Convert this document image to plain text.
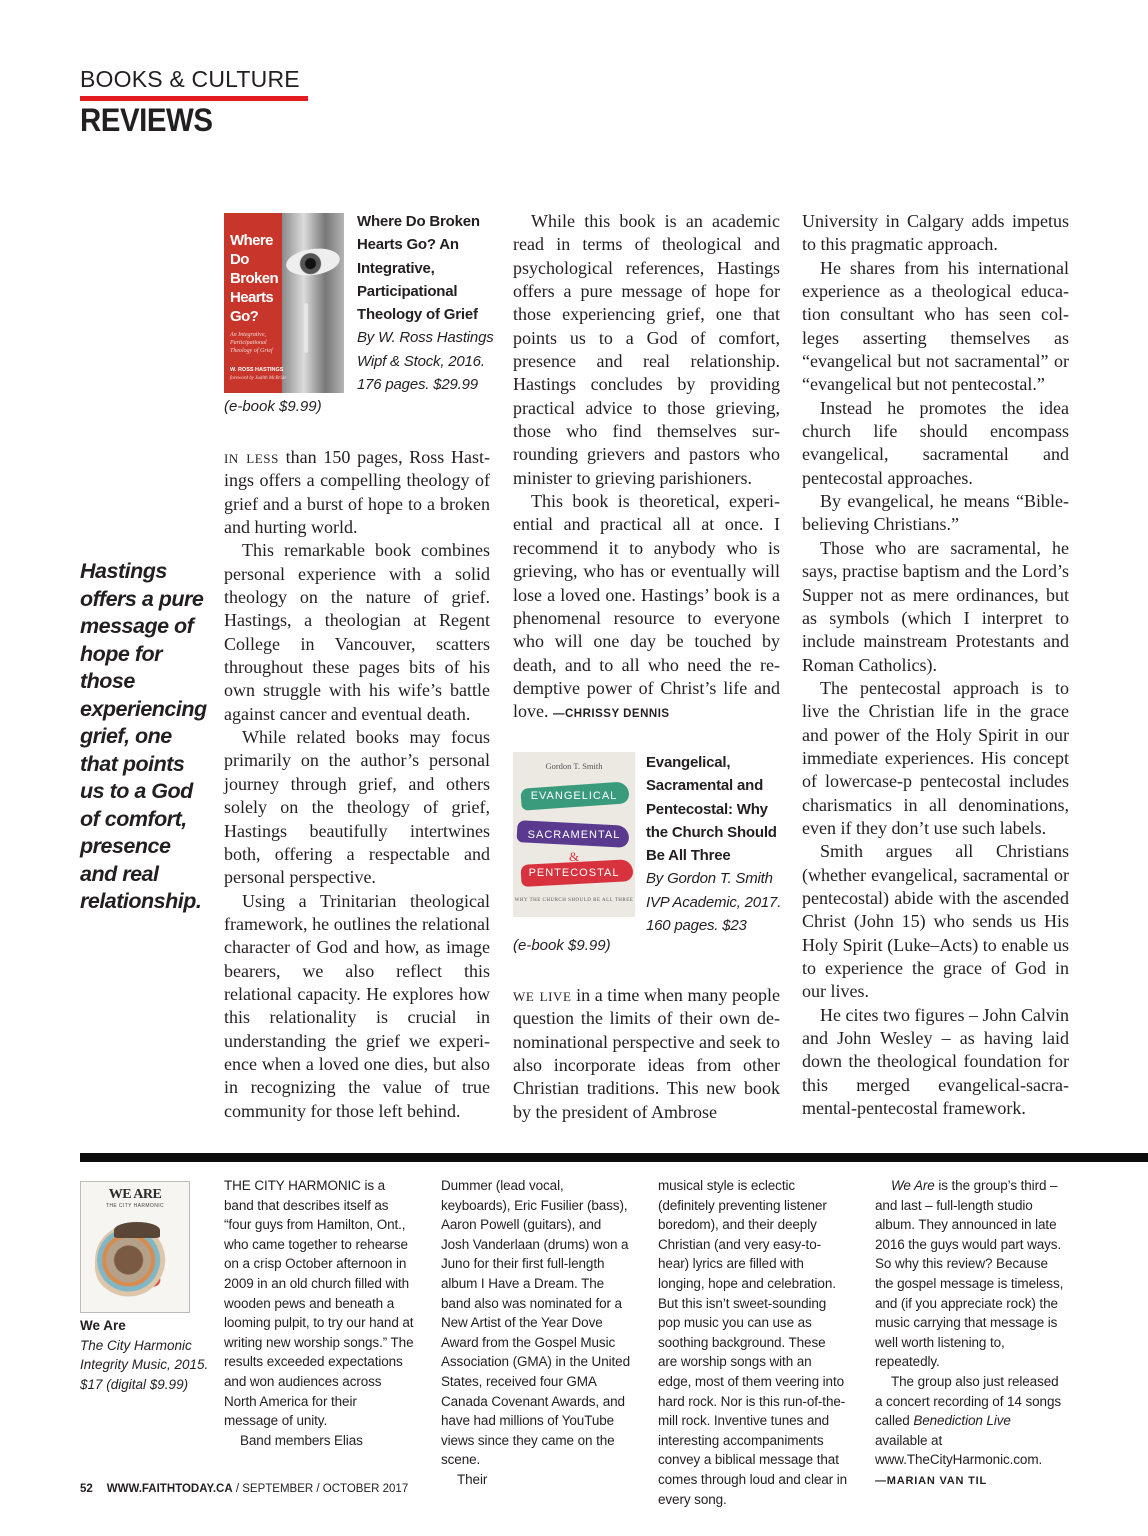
BOOKS & CULTURE
REVIEWS
Hastings offers a pure message of hope for those experiencing grief, one that points us to a God of comfort, presence and real relationship.
Where Do Broken Hearts Go?
An Integrative, Participational Theology of Grief
W. ROSS HASTINGS
foreword by Judith McBride
Where Do Broken Hearts Go? An Integrative, Participational Theology of Grief
By W. Ross Hastings
Wipf & Stock, 2016.
176 pages. $29.99
(e-book $9.99)

in less than 150 pages, Ross Hastings offers a compelling theology of grief and a burst of hope to a broken and hurting world.

This remarkable book combines personal experience with a solid theology on the nature of grief. Hastings, a theologian at Regent College in Vancouver, scatters throughout these pages bits of his own struggle with his wife’s battle against cancer and eventual death.

While related books may focus primarily on the author’s personal journey through grief, and others solely on the theology of grief, Hastings beautifully intertwines both, offering a respectable and personal perspective.

Using a Trinitarian theological framework, he outlines the relational character of God and how, as image bearers, we also reflect this relational capacity. He explores how this relationality is crucial in understanding the grief we experience when a loved one dies, but also in recognizing the value of true community for those left behind.

While this book is an academic read in terms of theological and psychological references, Hastings offers a pure message of hope for those experiencing grief, one that points us to a God of comfort, presence and real relationship. Hastings concludes by providing practical advice to those grieving, those who find themselves surrounding grievers and pastors who minister to grieving parishioners.

This book is theoretical, experiential and practical all at once. I recommend it to anybody who is grieving, who has or eventually will lose a loved one. Hastings’ book is a phenomenal resource to everyone who will one day be touched by death, and to all who need the redemptive power of Christ’s life and love. —CHRISSY DENNIS

Gordon T. Smith
EVANGELICAL
SACRAMENTAL
&
PENTECOSTAL
WHY THE CHURCH SHOULD BE ALL THREE
Evangelical, Sacramental and Pentecostal: Why the Church Should Be All Three
By Gordon T. Smith
IVP Academic, 2017.
160 pages. $23
(e-book $9.99)

we live in a time when many people question the limits of their own denominational perspective and seek to also incorporate ideas from other Christian traditions. This new book by the president of Ambrose

University in Calgary adds impetus to this pragmatic approach.

He shares from his international experience as a theological education consultant who has seen colleges asserting themselves as “evangelical but not sacramental” or “evangelical but not pentecostal.”

Instead he promotes the idea church life should encompass evangelical, sacramental and pentecostal approaches.

By evangelical, he means “Bible-believing Christians.”

Those who are sacramental, he says, practise baptism and the Lord’s Supper not as mere ordinances, but as symbols (which I interpret to include mainstream Protestants and Roman Catholics).

The pentecostal approach is to live the Christian life in the grace and power of the Holy Spirit in our immediate experiences. His concept of lowercase-p pentecostal includes charismatics in all denominations, even if they don’t use such labels.

Smith argues all Christians (whether evangelical, sacramental or pentecostal) abide with the ascended Christ (John 15) who sends us His Holy Spirit (Luke–Acts) to enable us to experience the grace of God in our lives.

He cites two figures – John Calvin and John Wesley – as having laid down the theological foundation for this merged evangelical-sacramental-pentecostal framework.

WE ARE
THE CITY HARMONIC
We Are
The City Harmonic
Integrity Music, 2015. $17 (digital $9.99)

THE CITY HARMONIC is a band that describes itself as “four guys from Hamilton, Ont., who came together to rehearse on a crisp October afternoon in 2009 in an old church filled with wooden pews and beneath a looming pulpit, to try our hand at writing new worship songs.” The results exceeded expectations and won audiences across North America for their message of unity.

Band members Elias

Dummer (lead vocal, keyboards), Eric Fusilier (bass), Aaron Powell (guitars), and Josh Vanderlaan (drums) won a Juno for their first full-length album I Have a Dream. The band also was nominated for a New Artist of the Year Dove Award from the Gospel Music Association (GMA) in the United States, received four GMA Canada Covenant Awards, and have had millions of YouTube views since they came on the scene.

Their

musical style is eclectic (definitely preventing listener boredom), and their deeply Christian (and very easy-to-hear) lyrics are filled with longing, hope and celebration. But this isn’t sweet-sounding pop music you can use as soothing background. These are worship songs with an edge, most of them veering into hard rock. Nor is this run-of-the-mill rock. Inventive tunes and interesting accompaniments convey a biblical message that comes through loud and clear in every song.

We Are is the group’s third – and last – full-length studio album. They announced in late 2016 the guys would part ways. So why this review? Because the gospel message is timeless, and (if you appreciate rock) the music carrying that message is well worth listening to, repeatedly.

The group also just released a concert recording of 14 songs called Benediction Live available at www.TheCityHarmonic.com.
—MARIAN VAN TIL

52 WWW.FAITHTODAY.CA / SEPTEMBER / OCTOBER 2017
